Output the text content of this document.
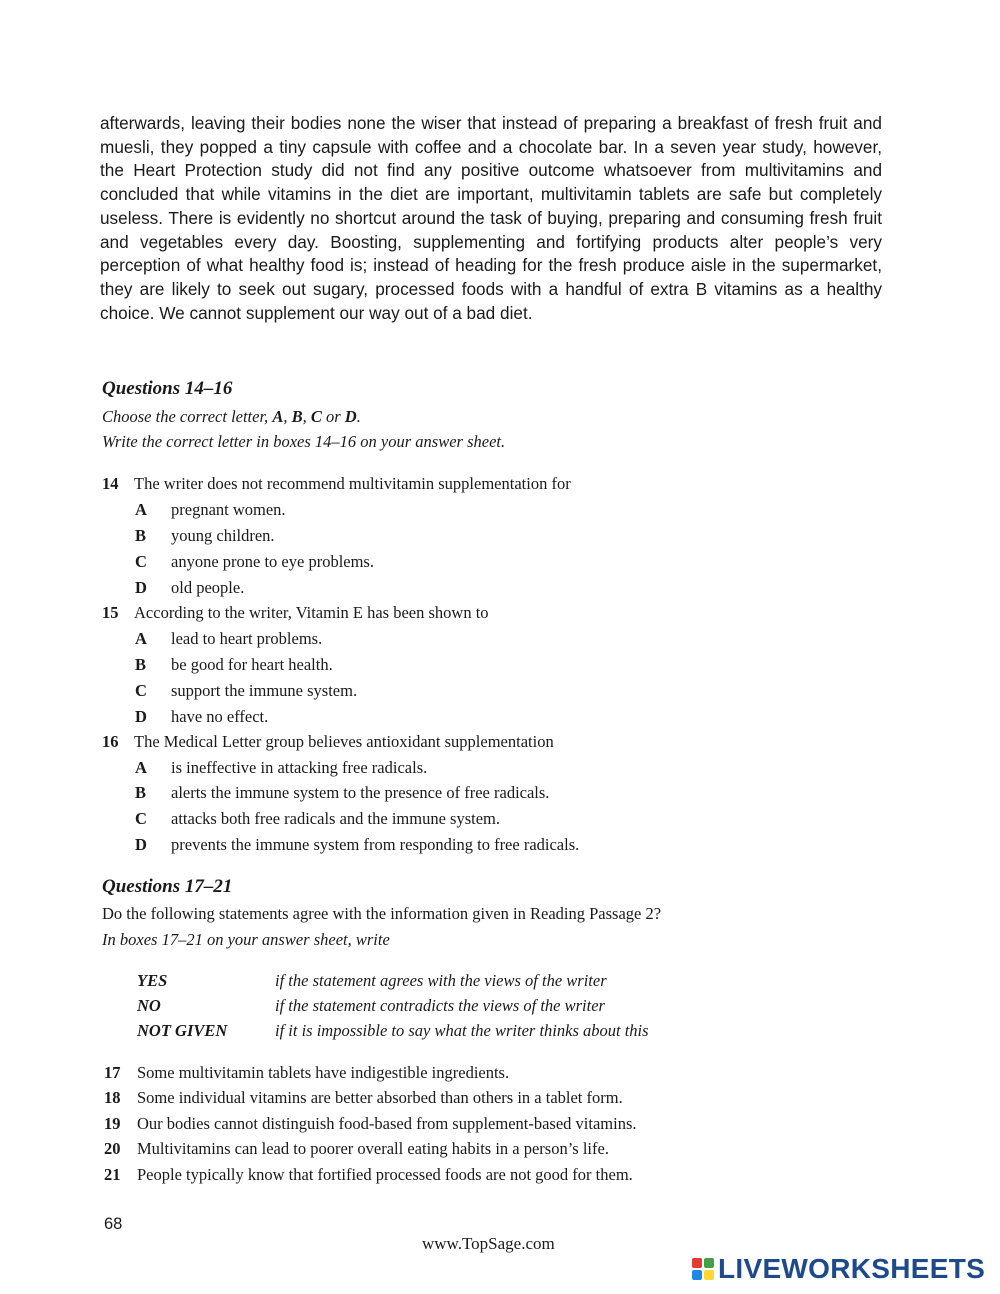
afterwards, leaving their bodies none the wiser that instead of preparing a breakfast of fresh fruit and muesli, they popped a tiny capsule with coffee and a chocolate bar. In a seven year study, however, the Heart Protection study did not find any positive outcome whatsoever from multivitamins and concluded that while vitamins in the diet are important, multivitamin tablets are safe but completely useless. There is evidently no shortcut around the task of buying, preparing and consuming fresh fruit and vegetables every day. Boosting, supplementing and fortifying products alter people’s very perception of what healthy food is; instead of heading for the fresh produce aisle in the supermarket, they are likely to seek out sugary, processed foods with a handful of extra B vitamins as a healthy choice. We cannot supplement our way out of a bad diet.

Questions 14–16

Choose the correct letter, A, B, C or D.

Write the correct letter in boxes 14–16 on your answer sheet.

14 The writer does not recommend multivitamin supplementation for
A pregnant women.
B young children.
C anyone prone to eye problems.
D old people.
15 According to the writer, Vitamin E has been shown to
A lead to heart problems.
B be good for heart health.
C support the immune system.
D have no effect.
16 The Medical Letter group believes antioxidant supplementation
A is ineffective in attacking free radicals.
B alerts the immune system to the presence of free radicals.
C attacks both free radicals and the immune system.
D prevents the immune system from responding to free radicals.
Questions 17–21

Do the following statements agree with the information given in Reading Passage 2?

In boxes 17–21 on your answer sheet, write

YES	if the statement agrees with the views of the writer
NO	if the statement contradicts the views of the writer
NOT GIVEN	if it is impossible to say what the writer thinks about this
17 Some multivitamin tablets have indigestible ingredients.
18 Some individual vitamins are better absorbed than others in a tablet form.
19 Our bodies cannot distinguish food-based from supplement-based vitamins.
20 Multivitamins can lead to poorer overall eating habits in a person’s life.
21 People typically know that fortified processed foods are not good for them.
68
www.TopSage.com
LIVEWORKSHEETS
